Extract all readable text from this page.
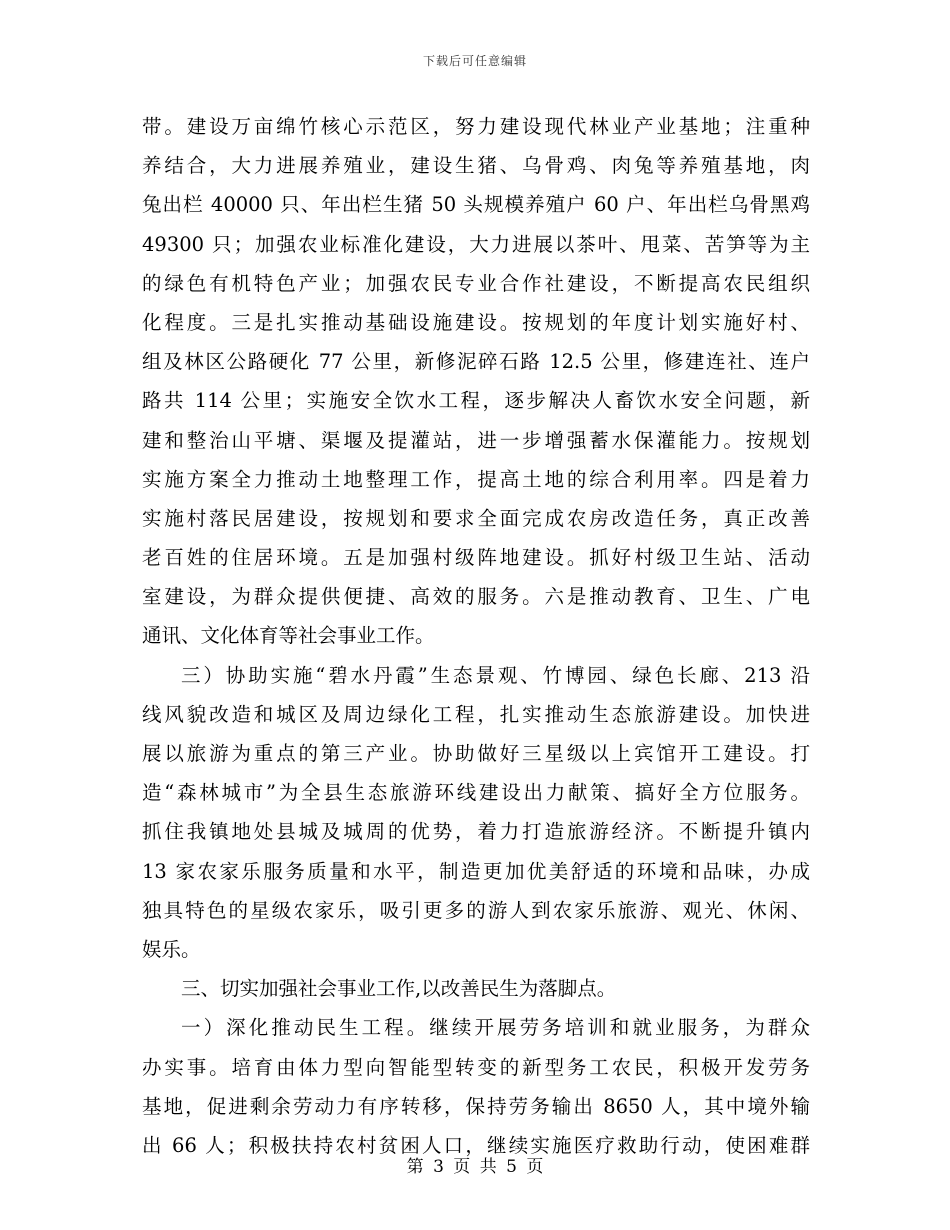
下载后可任意编辑
带。建设万亩绵竹核心示范区，努力建设现代林业产业基地；注重种
养结合，大力进展养殖业，建设生猪、乌骨鸡、肉兔等养殖基地，肉
兔出栏 40000 只、年出栏生猪 50 头规模养殖户 60 户、年出栏乌骨黑鸡
49300 只；加强农业标准化建设，大力进展以茶叶、甩菜、苦笋等为主
的绿色有机特色产业；加强农民专业合作社建设，不断提高农民组织
化程度。三是扎实推动基础设施建设。按规划的年度计划实施好村、
组及林区公路硬化 77 公里，新修泥碎石路 12.5 公里，修建连社、连户
路共 114 公里；实施安全饮水工程，逐步解决人畜饮水安全问题，新
建和整治山平塘、渠堰及提灌站，进一步增强蓄水保灌能力。按规划
实施方案全力推动土地整理工作，提高土地的综合利用率。四是着力
实施村落民居建设，按规划和要求全面完成农房改造任务，真正改善
老百姓的住居环境。五是加强村级阵地建设。抓好村级卫生站、活动
室建设，为群众提供便捷、高效的服务。六是推动教育、卫生、广电
通讯、文化体育等社会事业工作。
三）协助实施“碧水丹霞”生态景观、竹博园、绿色长廊、213 沿
线风貌改造和城区及周边绿化工程，扎实推动生态旅游建设。加快进
展以旅游为重点的第三产业。协助做好三星级以上宾馆开工建设。打
造“森林城市”为全县生态旅游环线建设出力献策、搞好全方位服务。
抓住我镇地处县城及城周的优势，着力打造旅游经济。不断提升镇内
13 家农家乐服务质量和水平，制造更加优美舒适的环境和品味，办成
独具特色的星级农家乐，吸引更多的游人到农家乐旅游、观光、休闲、
娱乐。
三、切实加强社会事业工作,以改善民生为落脚点。
一）深化推动民生工程。继续开展劳务培训和就业服务，为群众
办实事。培育由体力型向智能型转变的新型务工农民，积极开发劳务
基地，促进剩余劳动力有序转移，保持劳务输出 8650 人，其中境外输
出 66 人；积极扶持农村贫困人口，继续实施医疗救助行动，使困难群
第 3 页 共 5 页
